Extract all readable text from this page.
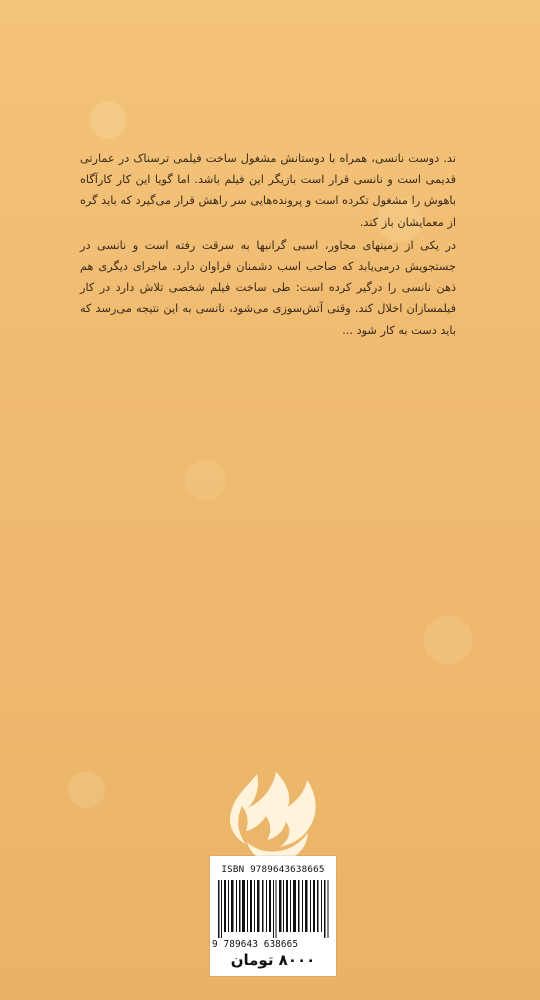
ند. دوست نانسی، همراه با دوستانش مشغول ساخت فیلمی ترسناک در عمارتی قدیمی است و نانسی قرار است بازیگر این فیلم باشد. اما گویا این کار کارآگاه باهوش را مشغول تکرده است و پرونده‌هایی سر راهش قرار می‌گیرد که باید گره از معمایشان باز کند.

در یکی از زمینهای مجاور، اسبی گرانبها به سرقت رفته است و نانسی در جستجویش درمی‌یابد که صاحب اسب دشمنان فراوان دارد. ماجرای دیگری هم ذهن نانسی را درگیر کرده است: طی ساخت فیلم شخصی تلاش دارد در کار فیلمسازان اخلال کند. وقتی آتش‌سوزی می‌شود، نانسی به این نتیجه می‌رسد که باید دست به کار شود ...

ISBN 9789643638665
9 789643 638665
۸۰۰۰ تومان
